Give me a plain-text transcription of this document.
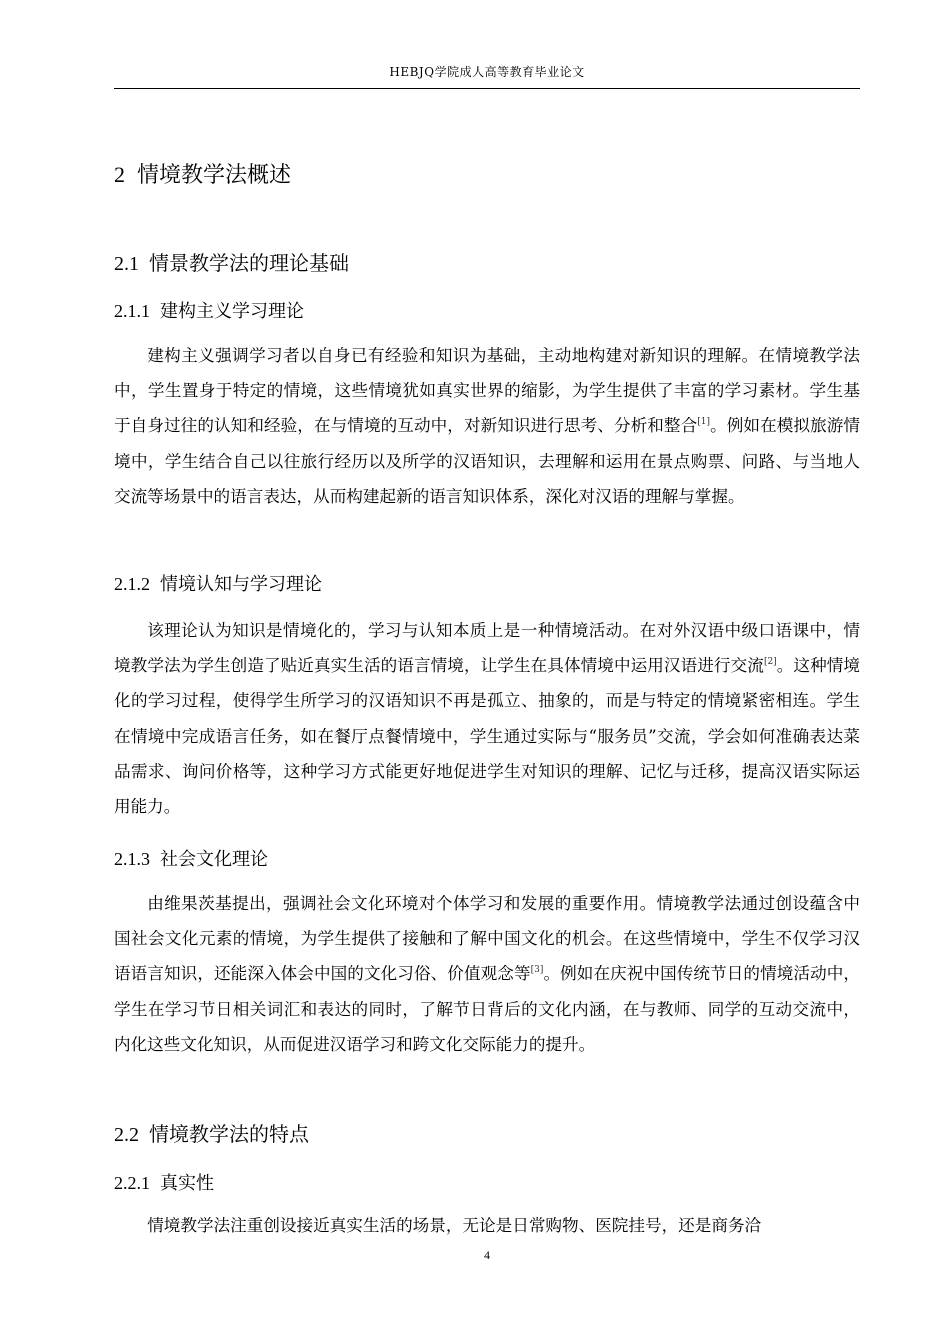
HEBJQ学院成人高等教育毕业论文
2 情境教学法概述
2.1 情景教学法的理论基础
2.1.1 建构主义学习理论

建构主义强调学习者以自身已有经验和知识为基础，主动地构建对新知识的理解。在情境教学法中，学生置身于特定的情境，这些情境犹如真实世界的缩影，为学生提供了丰富的学习素材。学生基于自身过往的认知和经验，在与情境的互动中，对新知识进行思考、分析和整合[1]。例如在模拟旅游情境中，学生结合自己以往旅行经历以及所学的汉语知识，去理解和运用在景点购票、问路、与当地人交流等场景中的语言表达，从而构建起新的语言知识体系，深化对汉语的理解与掌握。

2.1.2 情境认知与学习理论

该理论认为知识是情境化的，学习与认知本质上是一种情境活动。在对外汉语中级口语课中，情境教学法为学生创造了贴近真实生活的语言情境，让学生在具体情境中运用汉语进行交流[2]。这种情境化的学习过程，使得学生所学习的汉语知识不再是孤立、抽象的，而是与特定的情境紧密相连。学生在情境中完成语言任务，如在餐厅点餐情境中，学生通过实际与“服务员”交流，学会如何准确表达菜品需求、询问价格等，这种学习方式能更好地促进学生对知识的理解、记忆与迁移，提高汉语实际运用能力。

2.1.3 社会文化理论

由维果茨基提出，强调社会文化环境对个体学习和发展的重要作用。情境教学法通过创设蕴含中国社会文化元素的情境，为学生提供了接触和了解中国文化的机会。在这些情境中，学生不仅学习汉语语言知识，还能深入体会中国的文化习俗、价值观念等[3]。例如在庆祝中国传统节日的情境活动中，学生在学习节日相关词汇和表达的同时，了解节日背后的文化内涵，在与教师、同学的互动交流中，内化这些文化知识，从而促进汉语学习和跨文化交际能力的提升。

2.2 情境教学法的特点
2.2.1 真实性

情境教学法注重创设接近真实生活的场景，无论是日常购物、医院挂号，还是商务洽

4
